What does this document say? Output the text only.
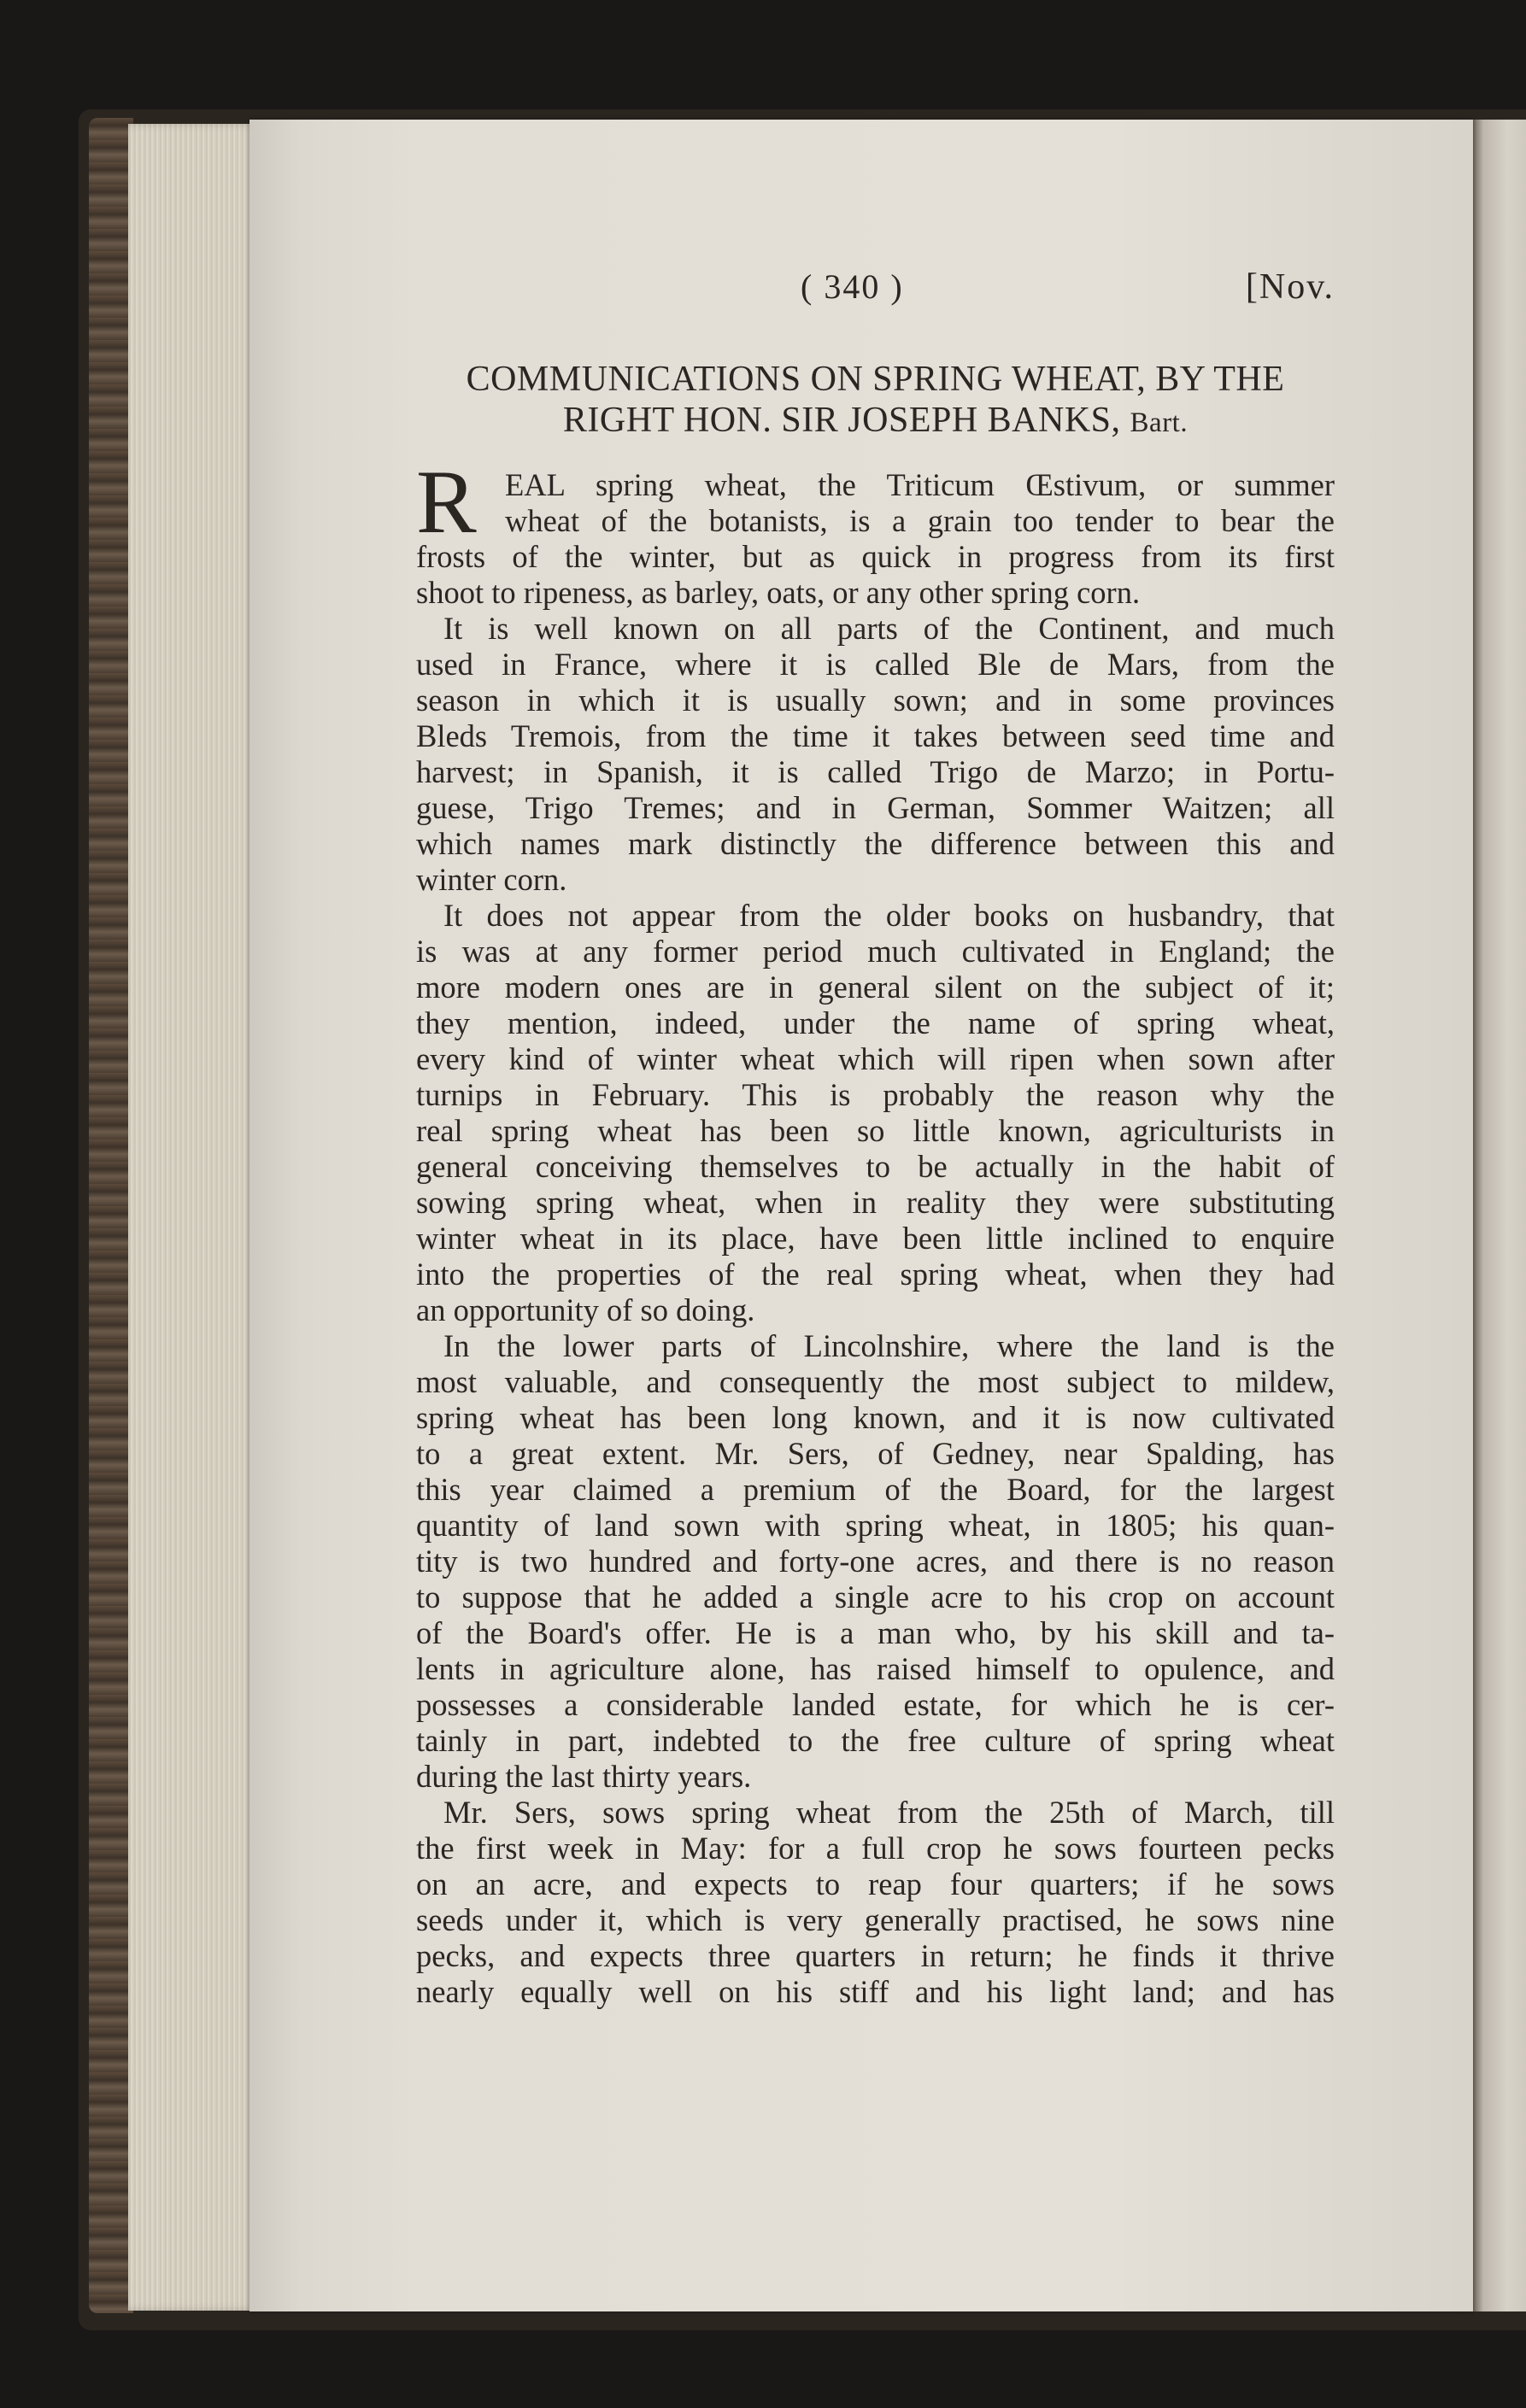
( 340 )	[Nov.
COMMUNICATIONS ON SPRING WHEAT, BY THE
RIGHT HON. SIR JOSEPH BANKS, Bart.
R EAL spring wheat, the Triticum Œstivum, or summer
wheat of the botanists, is a grain too tender to bear the
frosts of the winter, but as quick in progress from its first
shoot to ripeness, as barley, oats, or any other spring corn.
It is well known on all parts of the Continent, and much
used in France, where it is called Ble de Mars, from the
season in which it is usually sown; and in some provinces
Bleds Tremois, from the time it takes between seed time and
harvest; in Spanish, it is called Trigo de Marzo; in Portu-
guese, Trigo Tremes; and in German, Sommer Waitzen; all
which names mark distinctly the difference between this and
winter corn.
It does not appear from the older books on husbandry, that
is was at any former period much cultivated in England; the
more modern ones are in general silent on the subject of it;
they mention, indeed, under the name of spring wheat,
every kind of winter wheat which will ripen when sown after
turnips in February. This is probably the reason why the
real spring wheat has been so little known, agriculturists in
general conceiving themselves to be actually in the habit of
sowing spring wheat, when in reality they were substituting
winter wheat in its place, have been little inclined to enquire
into the properties of the real spring wheat, when they had
an opportunity of so doing.
In the lower parts of Lincolnshire, where the land is the
most valuable, and consequently the most subject to mildew,
spring wheat has been long known, and it is now cultivated
to a great extent. Mr. Sers, of Gedney, near Spalding, has
this year claimed a premium of the Board, for the largest
quantity of land sown with spring wheat, in 1805; his quan-
tity is two hundred and forty-one acres, and there is no reason
to suppose that he added a single acre to his crop on account
of the Board's offer. He is a man who, by his skill and ta-
lents in agriculture alone, has raised himself to opulence, and
possesses a considerable landed estate, for which he is cer-
tainly in part, indebted to the free culture of spring wheat
during the last thirty years.
Mr. Sers, sows spring wheat from the 25th of March, till
the first week in May: for a full crop he sows fourteen pecks
on an acre, and expects to reap four quarters; if he sows
seeds under it, which is very generally practised, he sows nine
pecks, and expects three quarters in return; he finds it thrive
nearly equally well on his stiff and his light land; and has
